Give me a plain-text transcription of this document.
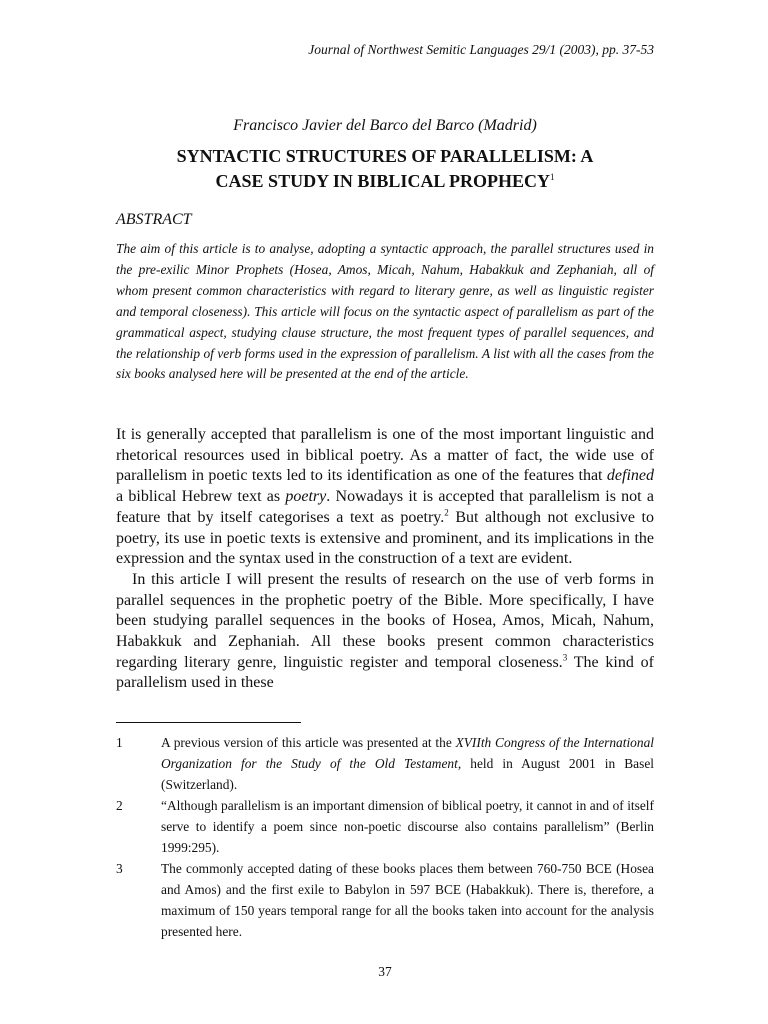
Journal of Northwest Semitic Languages 29/1 (2003), pp. 37-53
Francisco Javier del Barco del Barco (Madrid)
SYNTACTIC STRUCTURES OF PARALLELISM: A
CASE STUDY IN BIBLICAL PROPHECY$^1$
ABSTRACT

The aim of this article is to analyse, adopting a syntactic approach, the parallel structures used in the pre-exilic Minor Prophets (Hosea, Amos, Micah, Nahum, Habakkuk and Zephaniah, all of whom present common characteristics with regard to literary genre, as well as linguistic register and temporal closeness). This article will focus on the syntactic aspect of parallelism as part of the grammatical aspect, studying clause structure, the most frequent types of parallel sequences, and the relationship of verb forms used in the expression of parallelism. A list with all the cases from the six books analysed here will be presented at the end of the article.

It is generally accepted that parallelism is one of the most important linguistic and rhetorical resources used in biblical poetry. As a matter of fact, the wide use of parallelism in poetic texts led to its identification as one of the features that defined a biblical Hebrew text as poetry. Nowadays it is accepted that parallelism is not a feature that by itself categorises a text as poetry.$^2$ But although not exclusive to poetry, its use in poetic texts is extensive and prominent, and its implications in the expression and the syntax used in the construction of a text are evident.

In this article I will present the results of research on the use of verb forms in parallel sequences in the prophetic poetry of the Bible. More specifically, I have been studying parallel sequences in the books of Hosea, Amos, Micah, Nahum, Habakkuk and Zephaniah. All these books present common characteristics regarding literary genre, linguistic register and temporal closeness.$^3$ The kind of parallelism used in these

1	A previous version of this article was presented at the XVIIth Congress of the International Organization for the Study of the Old Testament, held in August 2001 in Basel (Switzerland).
2	“Although parallelism is an important dimension of biblical poetry, it cannot in and of itself serve to identify a poem since non-poetic discourse also contains parallelism” (Berlin 1999:295).
3	The commonly accepted dating of these books places them between 760-750 BCE (Hosea and Amos) and the first exile to Babylon in 597 BCE (Habakkuk). There is, therefore, a maximum of 150 years temporal range for all the books taken into account for the analysis presented here.
37
